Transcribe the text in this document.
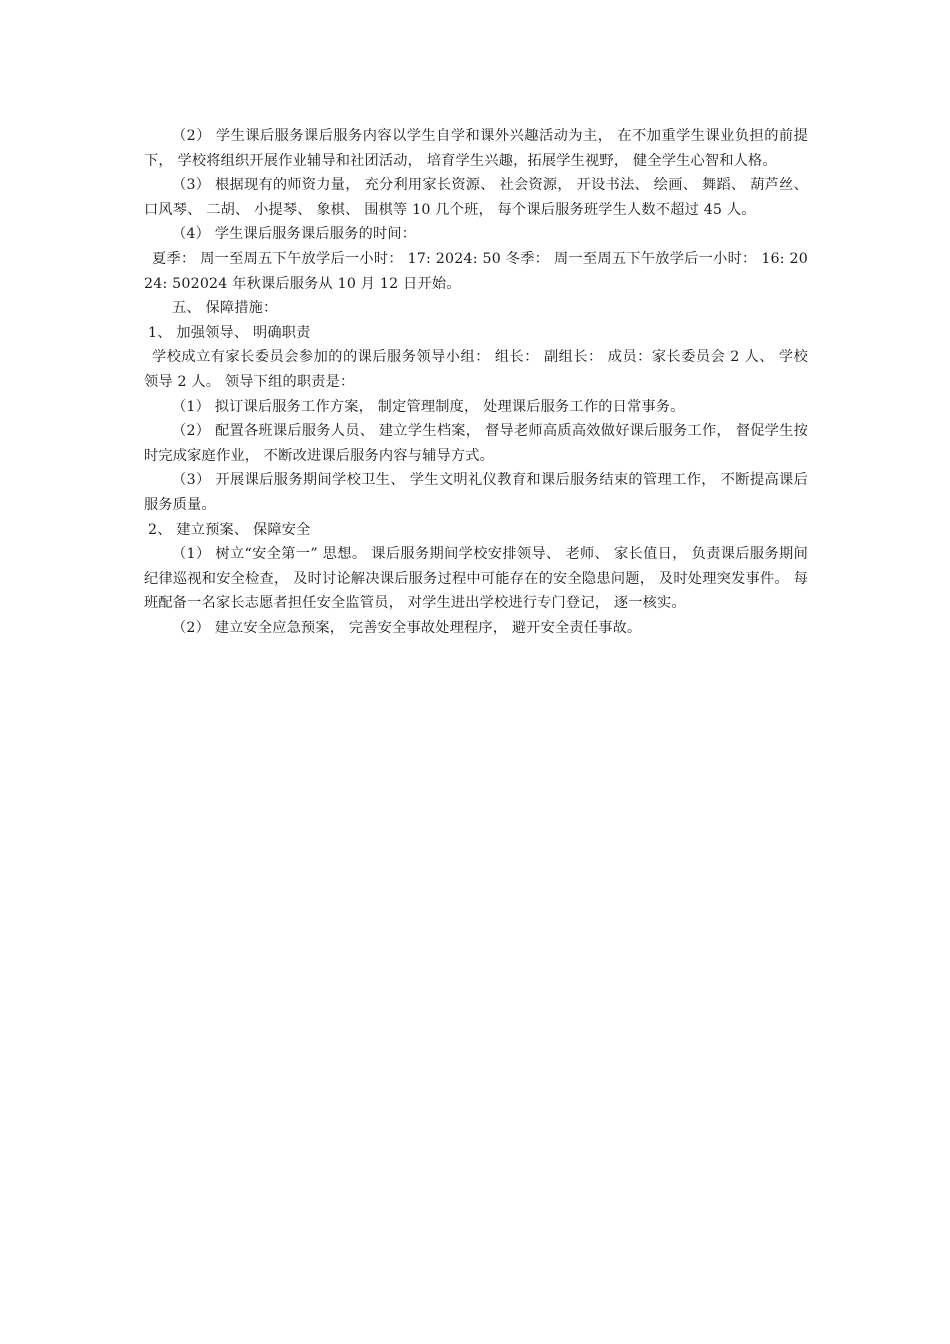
（2） 学生课后服务课后服务内容以学生自学和课外兴趣活动为主， 在不加重学生课业负担的前提下， 学校将组织开展作业辅导和社团活动， 培育学生兴趣，拓展学生视野， 健全学生心智和人格。

（3） 根据现有的师资力量， 充分利用家长资源、 社会资源， 开设书法、 绘画、 舞蹈、 葫芦丝、 口风琴、 二胡、 小提琴、 象棋、 围棋等 10 几个班， 每个课后服务班学生人数不超过 45 人。

（4） 学生课后服务课后服务的时间：

夏季： 周一至周五下午放学后一小时： 17: 2024: 50 冬季： 周一至周五下午放学后一小时： 16: 2024: 502024 年秋课后服务从 10 月 12 日开始。

五、 保障措施：

1、 加强领导、 明确职责

学校成立有家长委员会参加的的课后服务领导小组： 组长： 副组长： 成员：家长委员会 2 人、 学校领导 2 人。 领导下组的职责是：

（1） 拟订课后服务工作方案， 制定管理制度， 处理课后服务工作的日常事务。

（2） 配置各班课后服务人员、 建立学生档案， 督导老师高质高效做好课后服务工作， 督促学生按时完成家庭作业， 不断改进课后服务内容与辅导方式。

（3） 开展课后服务期间学校卫生、 学生文明礼仪教育和课后服务结束的管理工作， 不断提高课后服务质量。

2、 建立预案、 保障安全

（1） 树立“安全第一” 思想。 课后服务期间学校安排领导、 老师、 家长值日， 负责课后服务期间纪律巡视和安全检查， 及时讨论解决课后服务过程中可能存在的安全隐患问题， 及时处理突发事件。 每班配备一名家长志愿者担任安全监管员， 对学生进出学校进行专门登记， 逐一核实。

（2） 建立安全应急预案， 完善安全事故处理程序， 避开安全责任事故。
